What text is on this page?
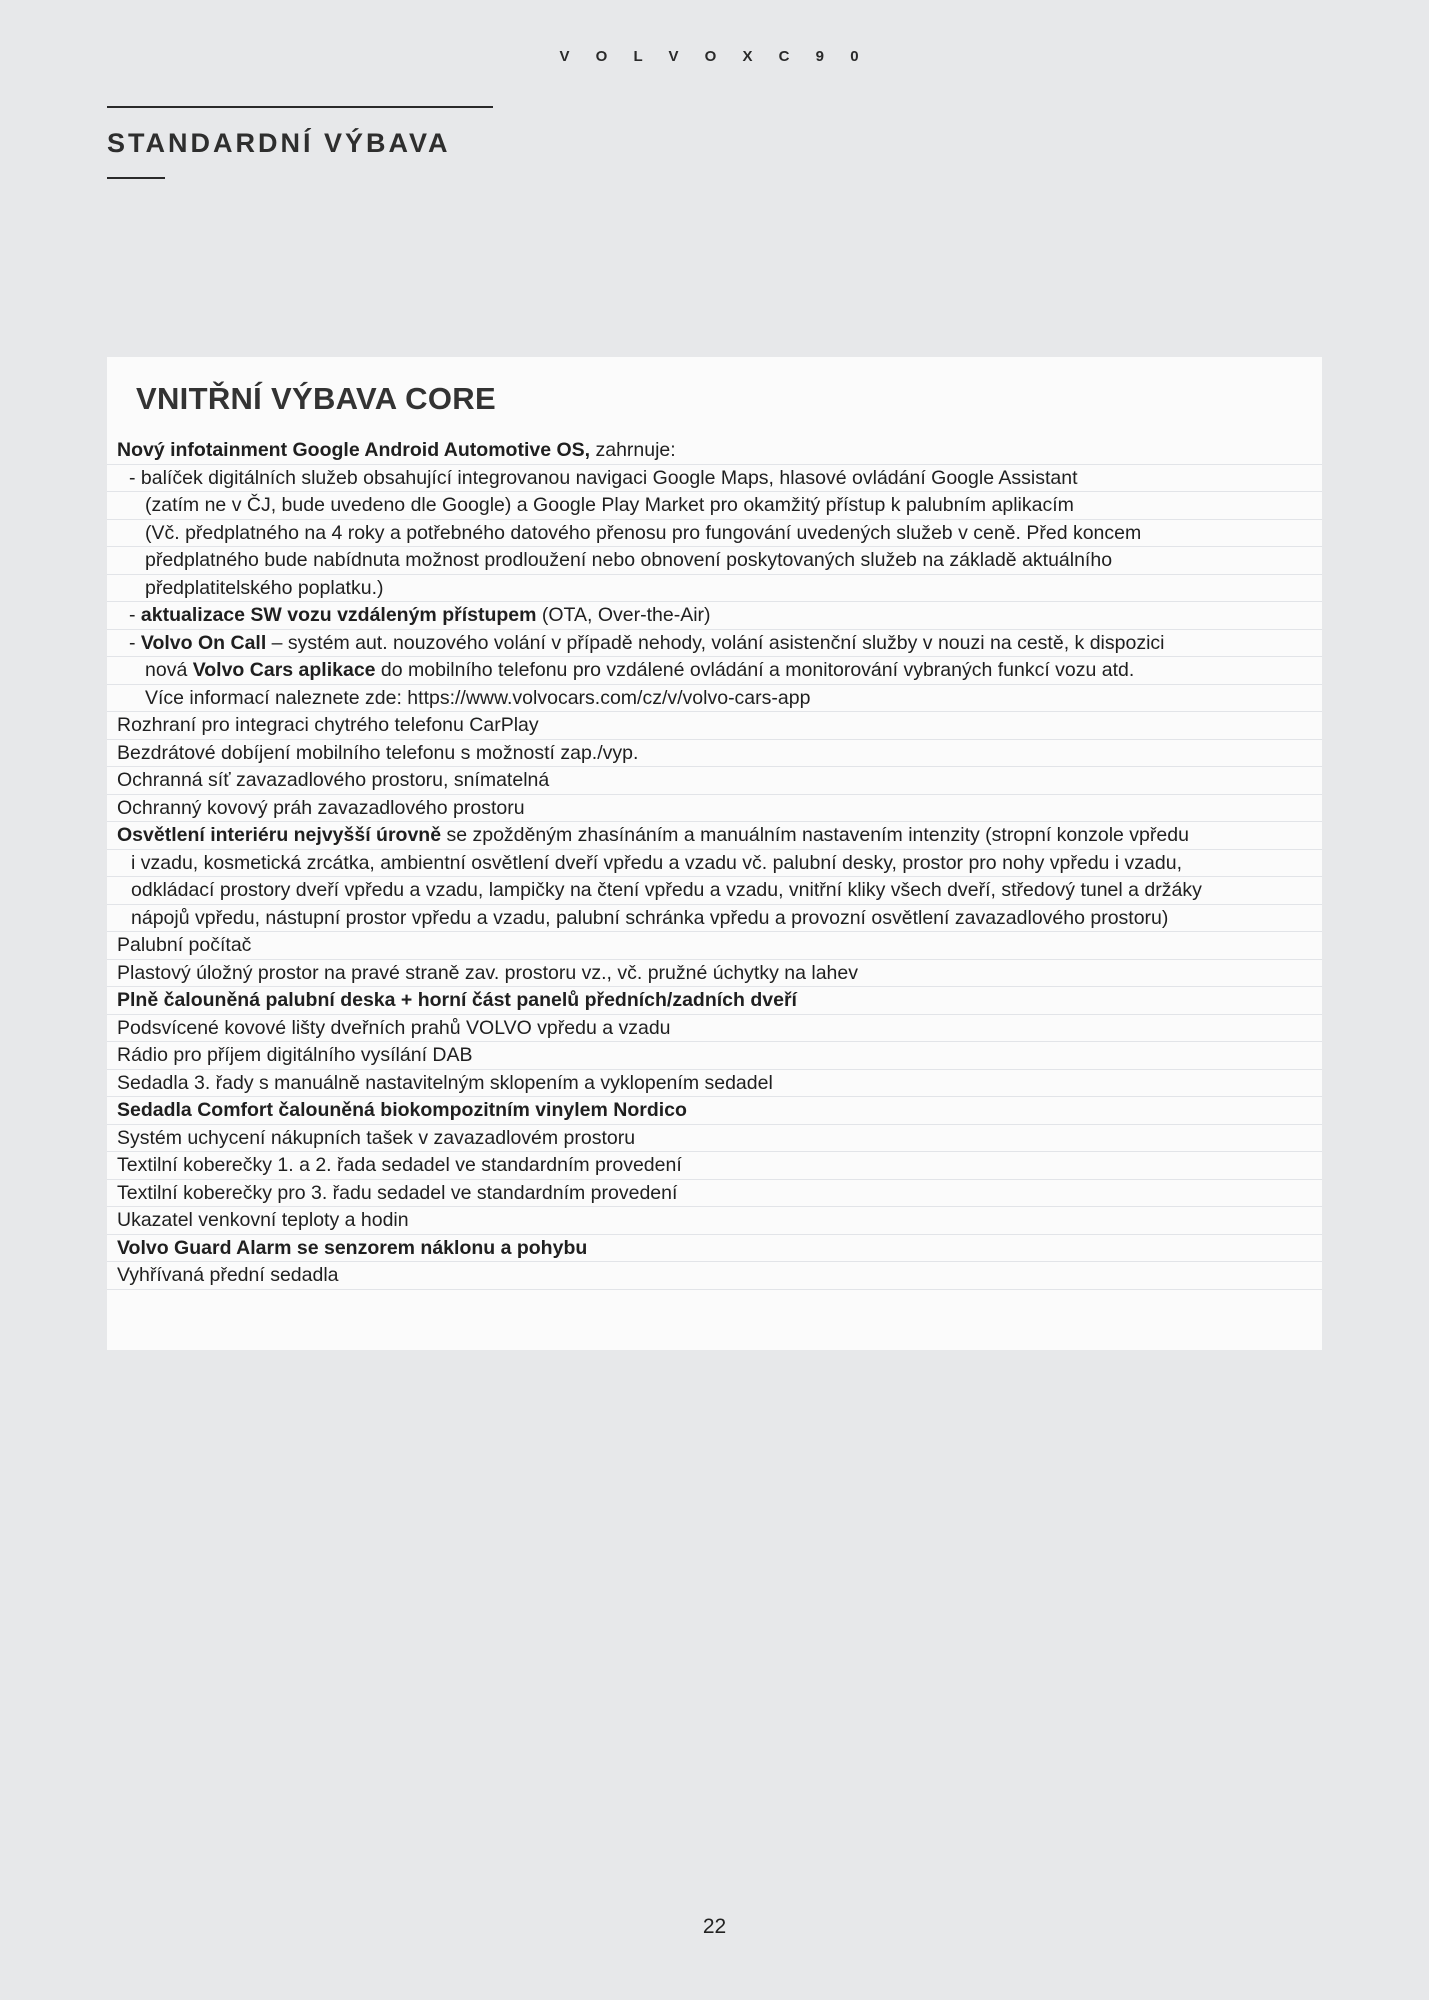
V O L V O X C 9 0
STANDARDNÍ VÝBAVA
VNITŘNÍ VÝBAVA CORE
Nový infotainment Google Android Automotive OS, zahrnuje:
- balíček digitálních služeb obsahující integrovanou navigaci Google Maps, hlasové ovládání Google Assistant
(zatím ne v ČJ, bude uvedeno dle Google) a Google Play Market pro okamžitý přístup k palubním aplikacím
(Vč. předplatného na 4 roky a potřebného datového přenosu pro fungování uvedených služeb v ceně. Před koncem
předplatného bude nabídnuta možnost prodloužení nebo obnovení poskytovaných služeb na základě aktuálního
předplatitelského poplatku.)
- aktualizace SW vozu vzdáleným přístupem (OTA, Over-the-Air)
- Volvo On Call – systém aut. nouzového volání v případě nehody, volání asistenční služby v nouzi na cestě, k dispozici
nová Volvo Cars aplikace do mobilního telefonu pro vzdálené ovládání a monitorování vybraných funkcí vozu atd.
Více informací naleznete zde: https://www.volvocars.com/cz/v/volvo-cars-app
Rozhraní pro integraci chytrého telefonu CarPlay
Bezdrátové dobíjení mobilního telefonu s možností zap./vyp.
Ochranná síť zavazadlového prostoru, snímatelná
Ochranný kovový práh zavazadlového prostoru
Osvětlení interiéru nejvyšší úrovně se zpožděným zhasínáním a manuálním nastavením intenzity (stropní konzole vpředu
i vzadu, kosmetická zrcátka, ambientní osvětlení dveří vpředu a vzadu vč. palubní desky, prostor pro nohy vpředu i vzadu,
odkládací prostory dveří vpředu a vzadu, lampičky na čtení vpředu a vzadu, vnitřní kliky všech dveří, středový tunel a držáky
nápojů vpředu, nástupní prostor vpředu a vzadu, palubní schránka vpředu a provozní osvětlení zavazadlového prostoru)
Palubní počítač
Plastový úložný prostor na pravé straně zav. prostoru vz., vč. pružné úchytky na lahev
Plně čalouněná palubní deska + horní část panelů předních/zadních dveří
Podsvícené kovové lišty dveřních prahů VOLVO vpředu a vzadu
Rádio pro příjem digitálního vysílání DAB
Sedadla 3. řady s manuálně nastavitelným sklopením a vyklopením sedadel
Sedadla Comfort čalouněná biokompozitním vinylem Nordico
Systém uchycení nákupních tašek v zavazadlovém prostoru
Textilní koberečky 1. a 2. řada sedadel ve standardním provedení
Textilní koberečky pro 3. řadu sedadel ve standardním provedení
Ukazatel venkovní teploty a hodin
Volvo Guard Alarm se senzorem náklonu a pohybu
Vyhřívaná přední sedadla
22
